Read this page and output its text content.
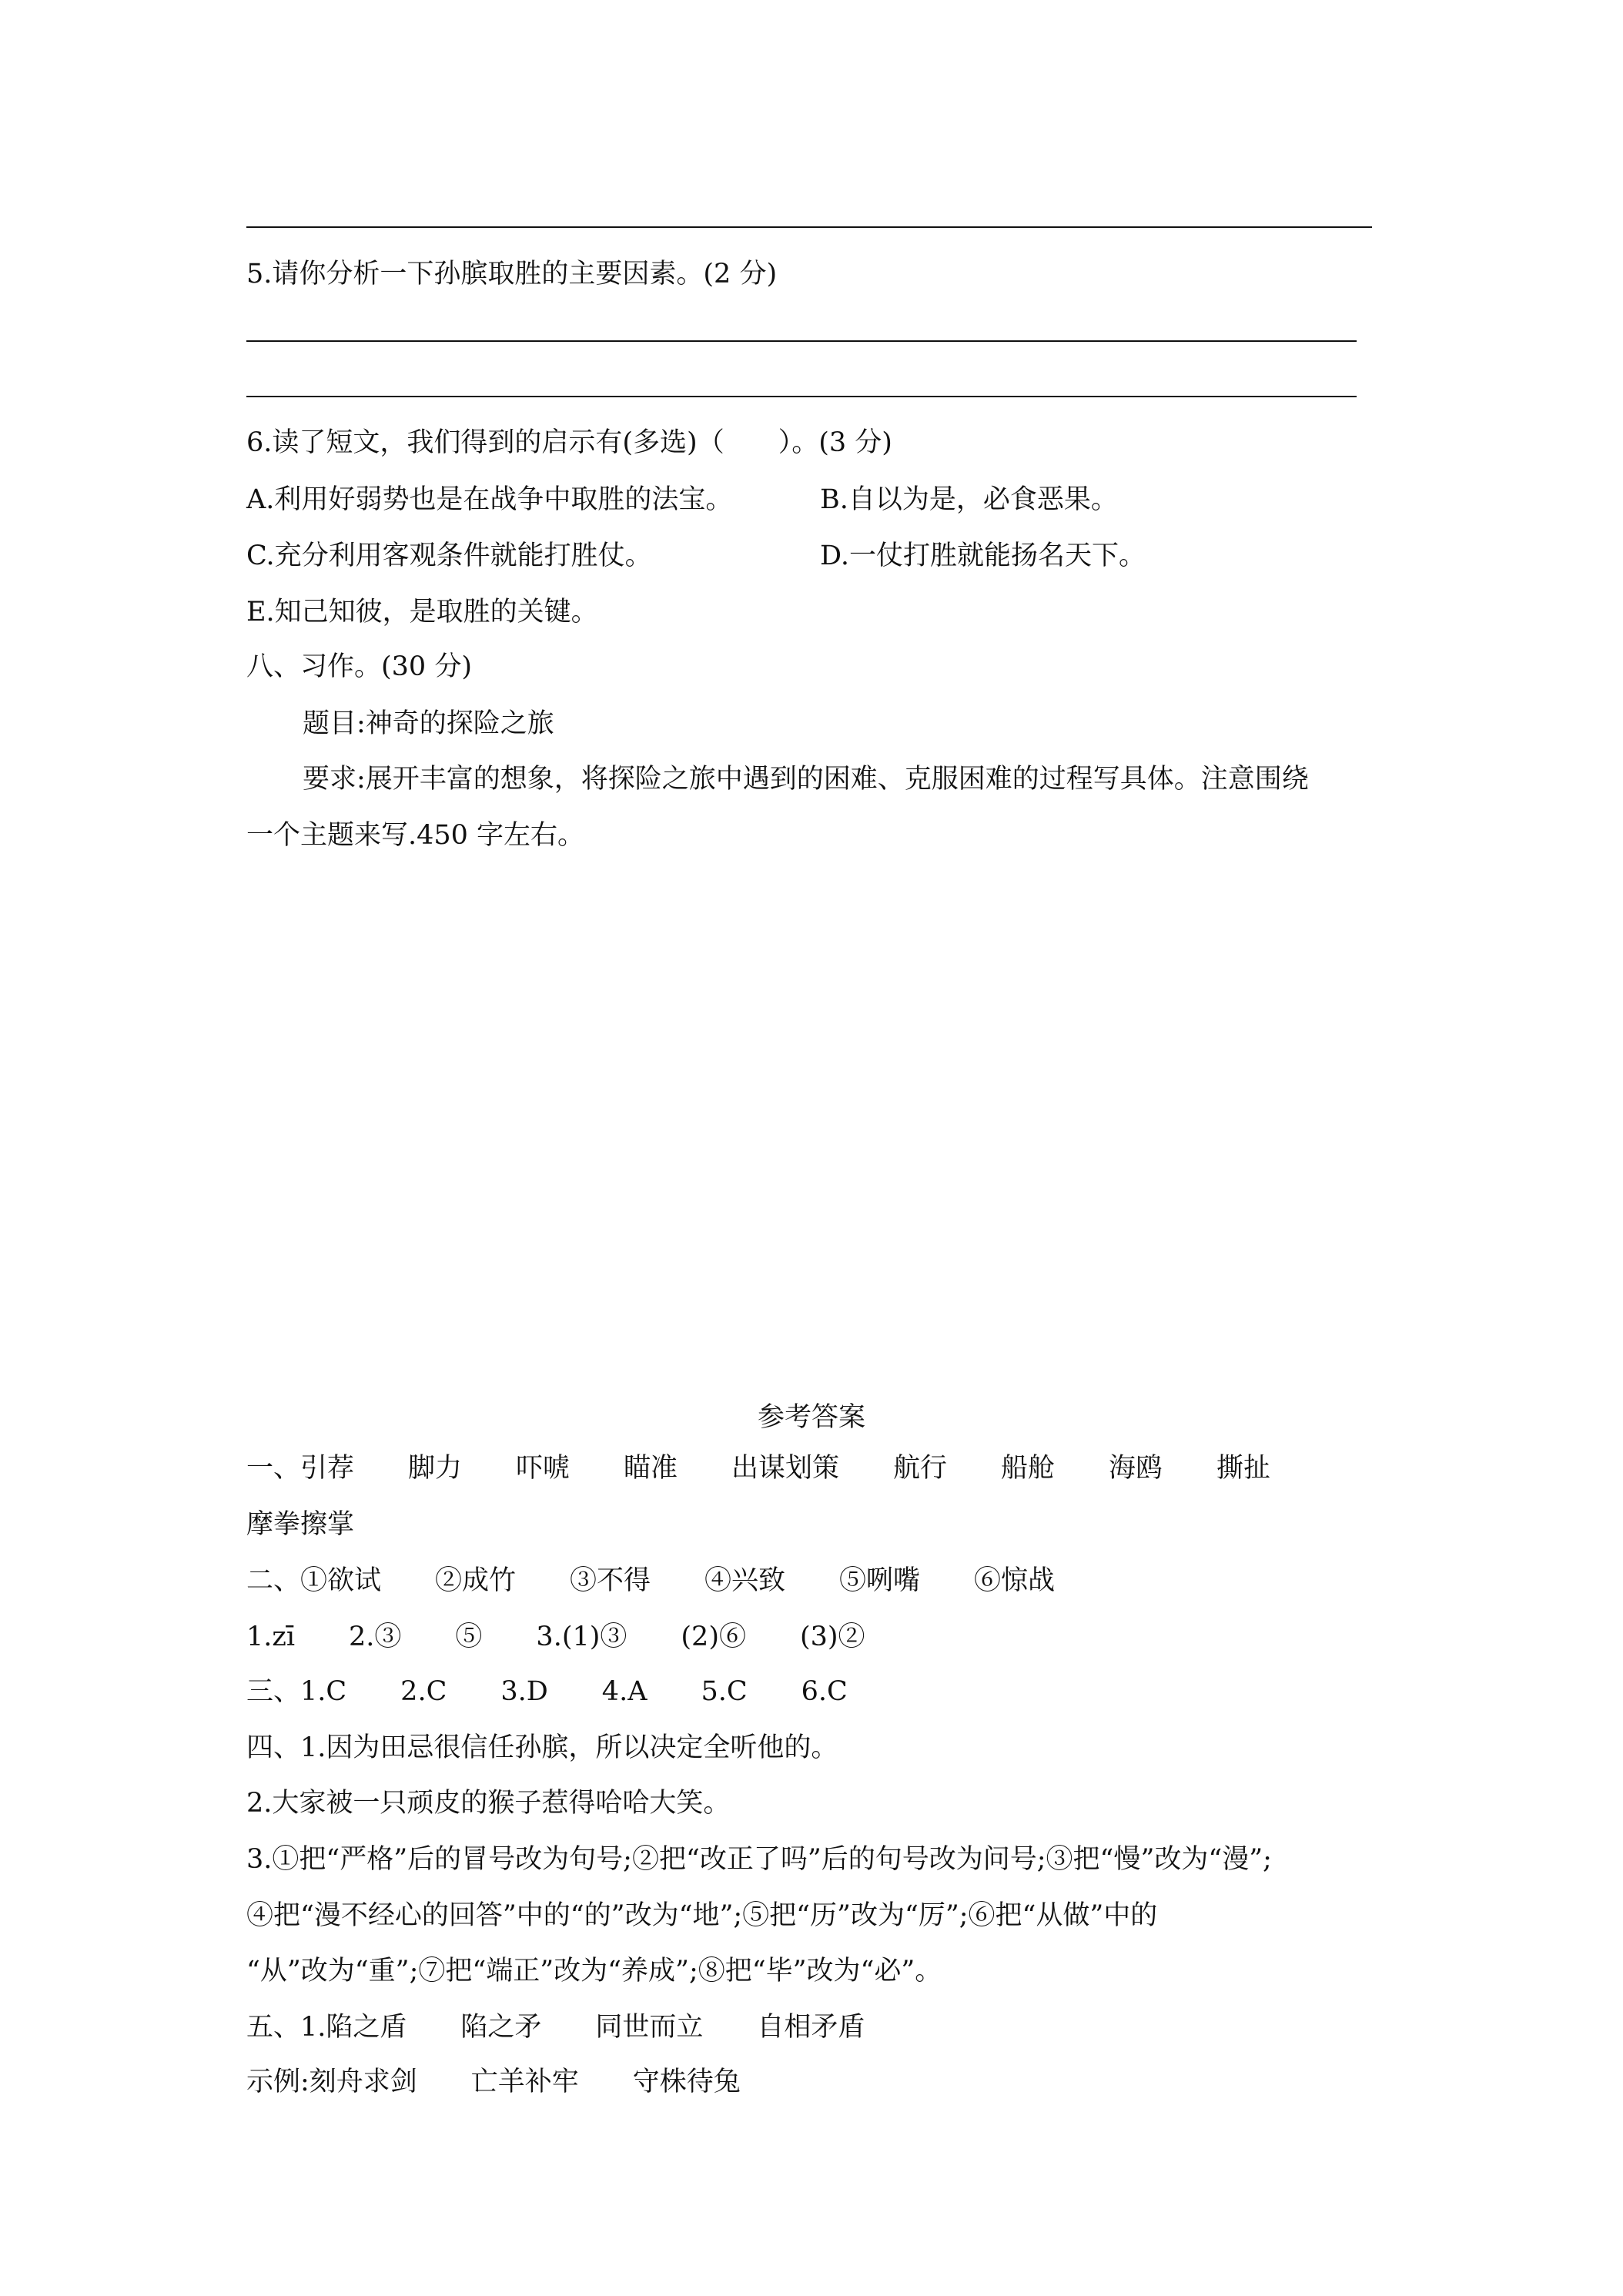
5.请你分析一下孙膑取胜的主要因素。(2 分)
6.读了短文，我们得到的启示有(多选)（　　）。(3 分)
A.利用好弱势也是在战争中取胜的法宝。	B.自以为是，必食恶果。
C.充分利用客观条件就能打胜仗。	D.一仗打胜就能扬名天下。
E.知己知彼，是取胜的关键。
八、习作。(30 分)
题目:神奇的探险之旅
要求:展开丰富的想象，将探险之旅中遇到的困难、克服困难的过程写具体。注意围绕
一个主题来写.450 字左右。
参考答案
一、引荐　　脚力　　吓唬　　瞄准　　出谋划策　　航行　　船舱　　海鸥　　撕扯
摩拳擦掌
二、①欲试　　②成竹　　③不得　　④兴致　　⑤咧嘴　　⑥惊战
1.zī　　2.③　　⑤　　3.(1)③　　(2)⑥　　(3)②
三、1.C　　2.C　　3.D　　4.A　　5.C　　6.C
四、1.因为田忌很信任孙膑，所以决定全听他的。
2.大家被一只顽皮的猴子惹得哈哈大笑。
3.①把“严格”后的冒号改为句号;②把“改正了吗”后的句号改为问号;③把“慢”改为“漫”;
④把“漫不经心的回答”中的“的”改为“地”;⑤把“历”改为“厉”;⑥把“从做”中的
“从”改为“重”;⑦把“端正”改为“养成”;⑧把“毕”改为“必”。
五、1.陷之盾　　陷之矛　　同世而立　　自相矛盾
示例:刻舟求剑　　亡羊补牢　　守株待兔
